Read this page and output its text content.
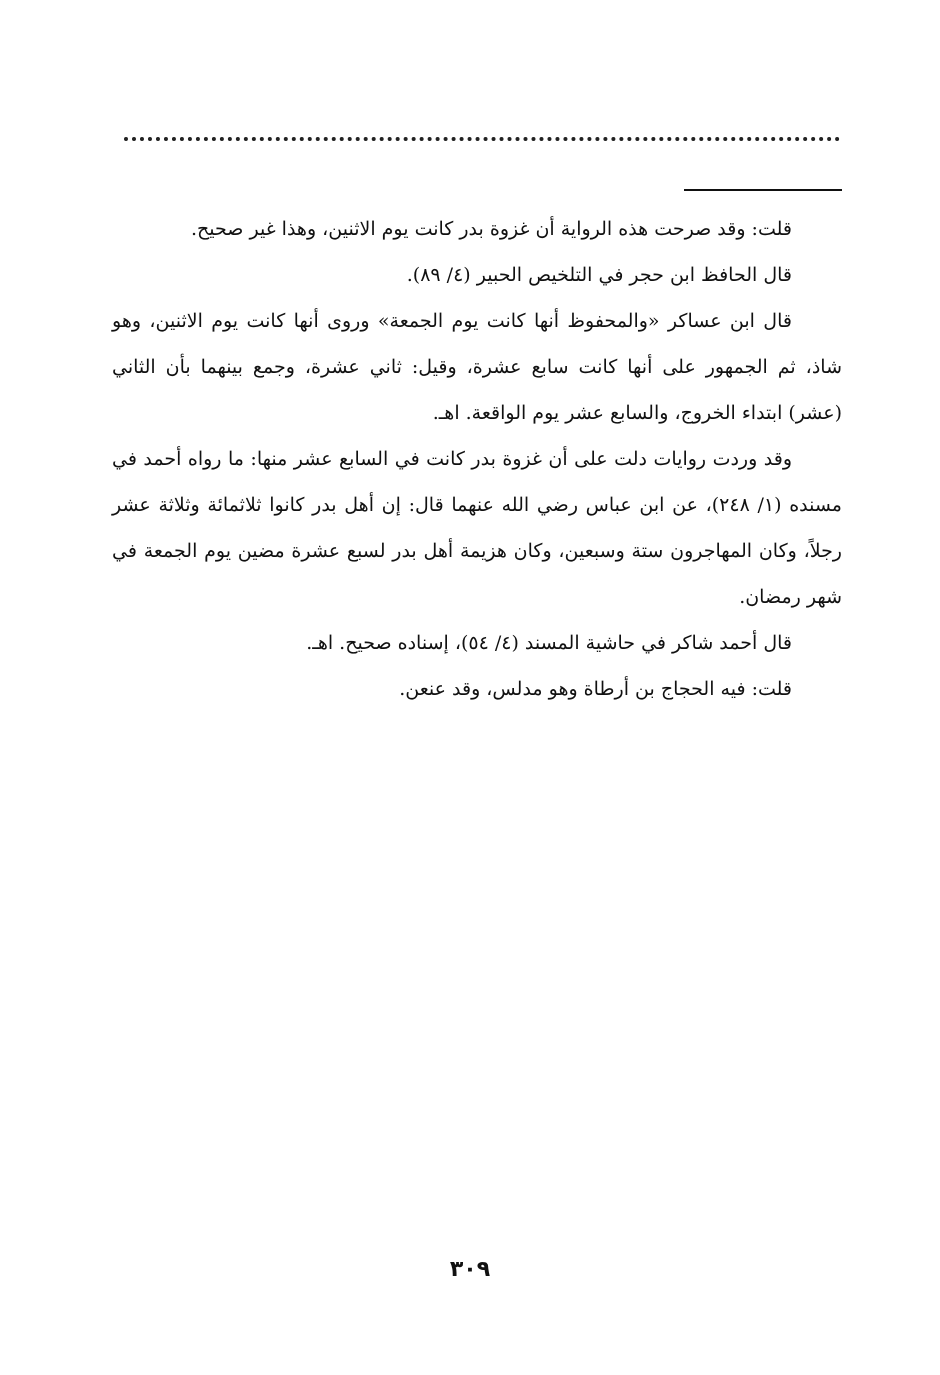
قلت: وقد صرحت هذه الرواية أن غزوة بدر كانت يوم الاثنين، وهذا غير صحيح.

قال الحافظ ابن حجر في التلخيص الحبير (٤/ ٨٩).

قال ابن عساكر «والمحفوظ أنها كانت يوم الجمعة» وروى أنها كانت يوم الاثنين، وهو شاذ، ثم الجمهور على أنها كانت سابع عشرة، وقيل: ثاني عشرة، وجمع بينهما بأن الثاني (عشر) ابتداء الخروج، والسابع عشر يوم الواقعة. اهـ.

وقد وردت روايات دلت على أن غزوة بدر كانت في السابع عشر منها: ما رواه أحمد في مسنده (١/ ٢٤٨)، عن ابن عباس رضي الله عنهما قال: إن أهل بدر كانوا ثلاثمائة وثلاثة عشر رجلاً، وكان المهاجرون ستة وسبعين، وكان هزيمة أهل بدر لسبع عشرة مضين يوم الجمعة في شهر رمضان.

قال أحمد شاكر في حاشية المسند (٤/ ٥٤)، إسناده صحيح. اهـ.

قلت: فيه الحجاج بن أرطاة وهو مدلس، وقد عنعن.

٣٠٩
